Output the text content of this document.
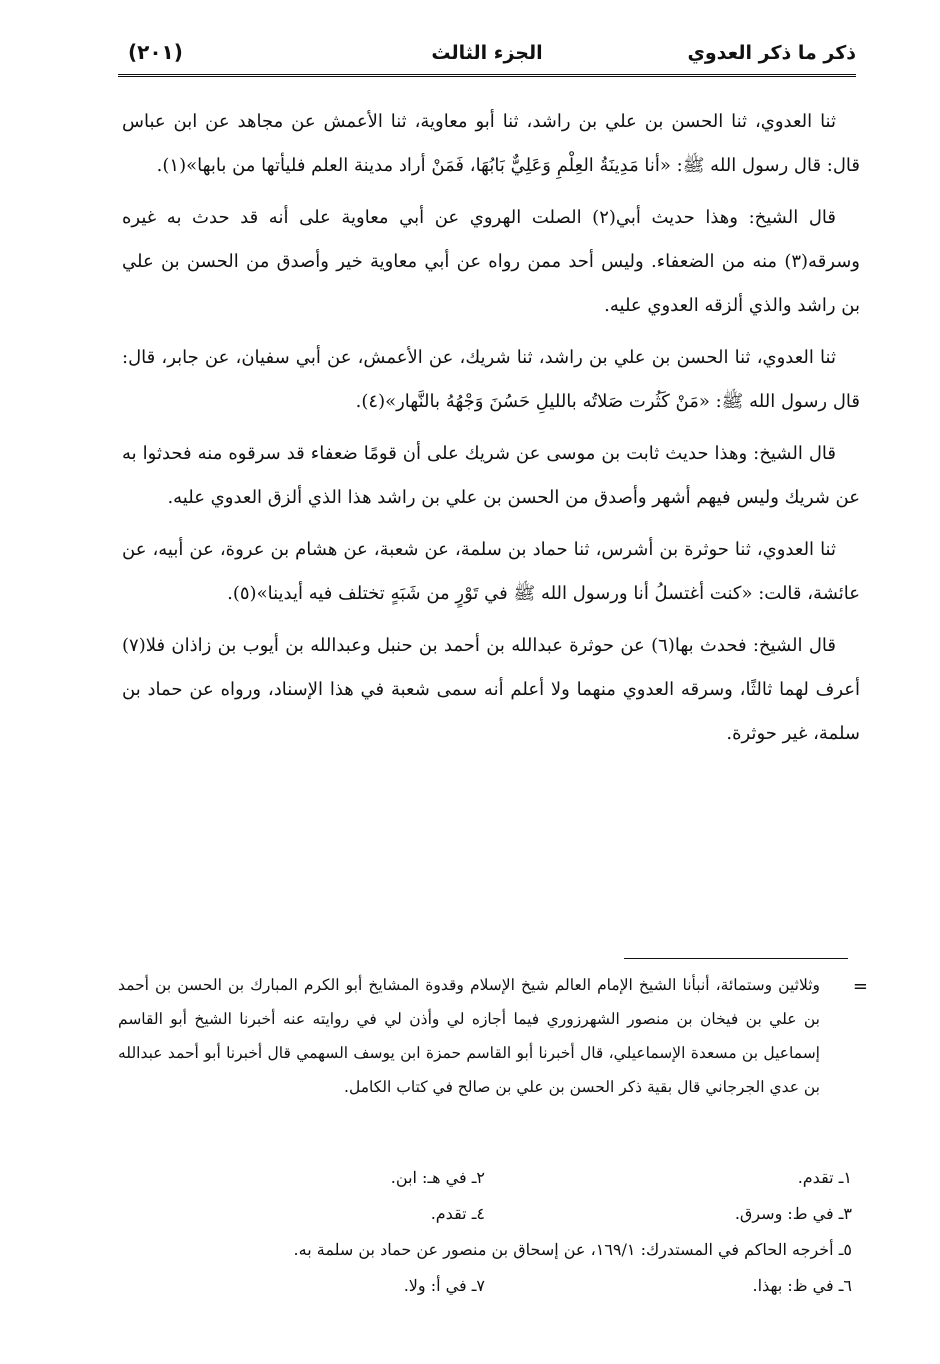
ذكر ما ذكر العدوي
الجزء الثالث
(٢٠١)

ثنا العدوي، ثنا الحسن بن علي بن راشد، ثنا أبو معاوية، ثنا الأعمش عن مجاهد عن ابن عباس قال: قال رسول الله ﷺ: «أنا مَدِينَةُ العِلْمِ وَعَلِيٌّ بَابُهَا، فَمَنْ أراد مدينة العلم فليأتها من بابها»(١).

قال الشيخ: وهذا حديث أبي(٢) الصلت الهروي عن أبي معاوية على أنه قد حدث به غيره وسرقه(٣) منه من الضعفاء. وليس أحد ممن رواه عن أبي معاوية خير وأصدق من الحسن بن علي بن راشد والذي ألزقه العدوي عليه.

ثنا العدوي، ثنا الحسن بن علي بن راشد، ثنا شريك، عن الأعمش، عن أبي سفيان، عن جابر، قال: قال رسول الله ﷺ: «مَنْ كَثُرت صَلاتُه بالليلِ حَسُنَ وَجْهُهُ بالنَّهار»(٤).

قال الشيخ: وهذا حديث ثابت بن موسى عن شريك على أن قومًا ضعفاء قد سرقوه منه فحدثوا به عن شريك وليس فيهم أشهر وأصدق من الحسن بن علي بن راشد هذا الذي ألزق العدوي عليه.

ثنا العدوي، ثنا حوثرة بن أشرس، ثنا حماد بن سلمة، عن شعبة، عن هشام بن عروة، عن أبيه، عن عائشة، قالت: «كنت أغتسلُ أنا ورسول الله ﷺ في تَوْرٍ من شَبَهٍ تختلف فيه أيدينا»(٥).

قال الشيخ: فحدث بها(٦) عن حوثرة عبدالله بن أحمد بن حنبل وعبدالله بن أيوب بن زاذان فلا(٧) أعرف لهما ثالثًا، وسرقه العدوي منهما ولا أعلم أنه سمى شعبة في هذا الإسناد، ورواه عن حماد بن سلمة، غير حوثرة.

=
وثلاثين وستمائة، أنبأنا الشيخ الإمام العالم شيخ الإسلام وقدوة المشايخ أبو الكرم المبارك بن الحسن بن أحمد بن علي بن فيخان بن منصور الشهرزوري فيما أجازه لي وأذن لي في روايته عنه أخبرنا الشيخ أبو القاسم إسماعيل بن مسعدة الإسماعيلي، قال أخبرنا أبو القاسم حمزة ابن يوسف السهمي قال أخبرنا أبو أحمد عبدالله بن عدي الجرجاني قال بقية ذكر الحسن بن علي بن صالح في كتاب الكامل.
١ـ تقدم.
٢ـ في هـ: ابن.
٣ـ في ط: وسرق.
٤ـ تقدم.
٥ـ أخرجه الحاكم في المستدرك: ١٦٩/١، عن إسحاق بن منصور عن حماد بن سلمة به.
٦ـ في ظ: بهذا.
٧ـ في أ: ولا.
